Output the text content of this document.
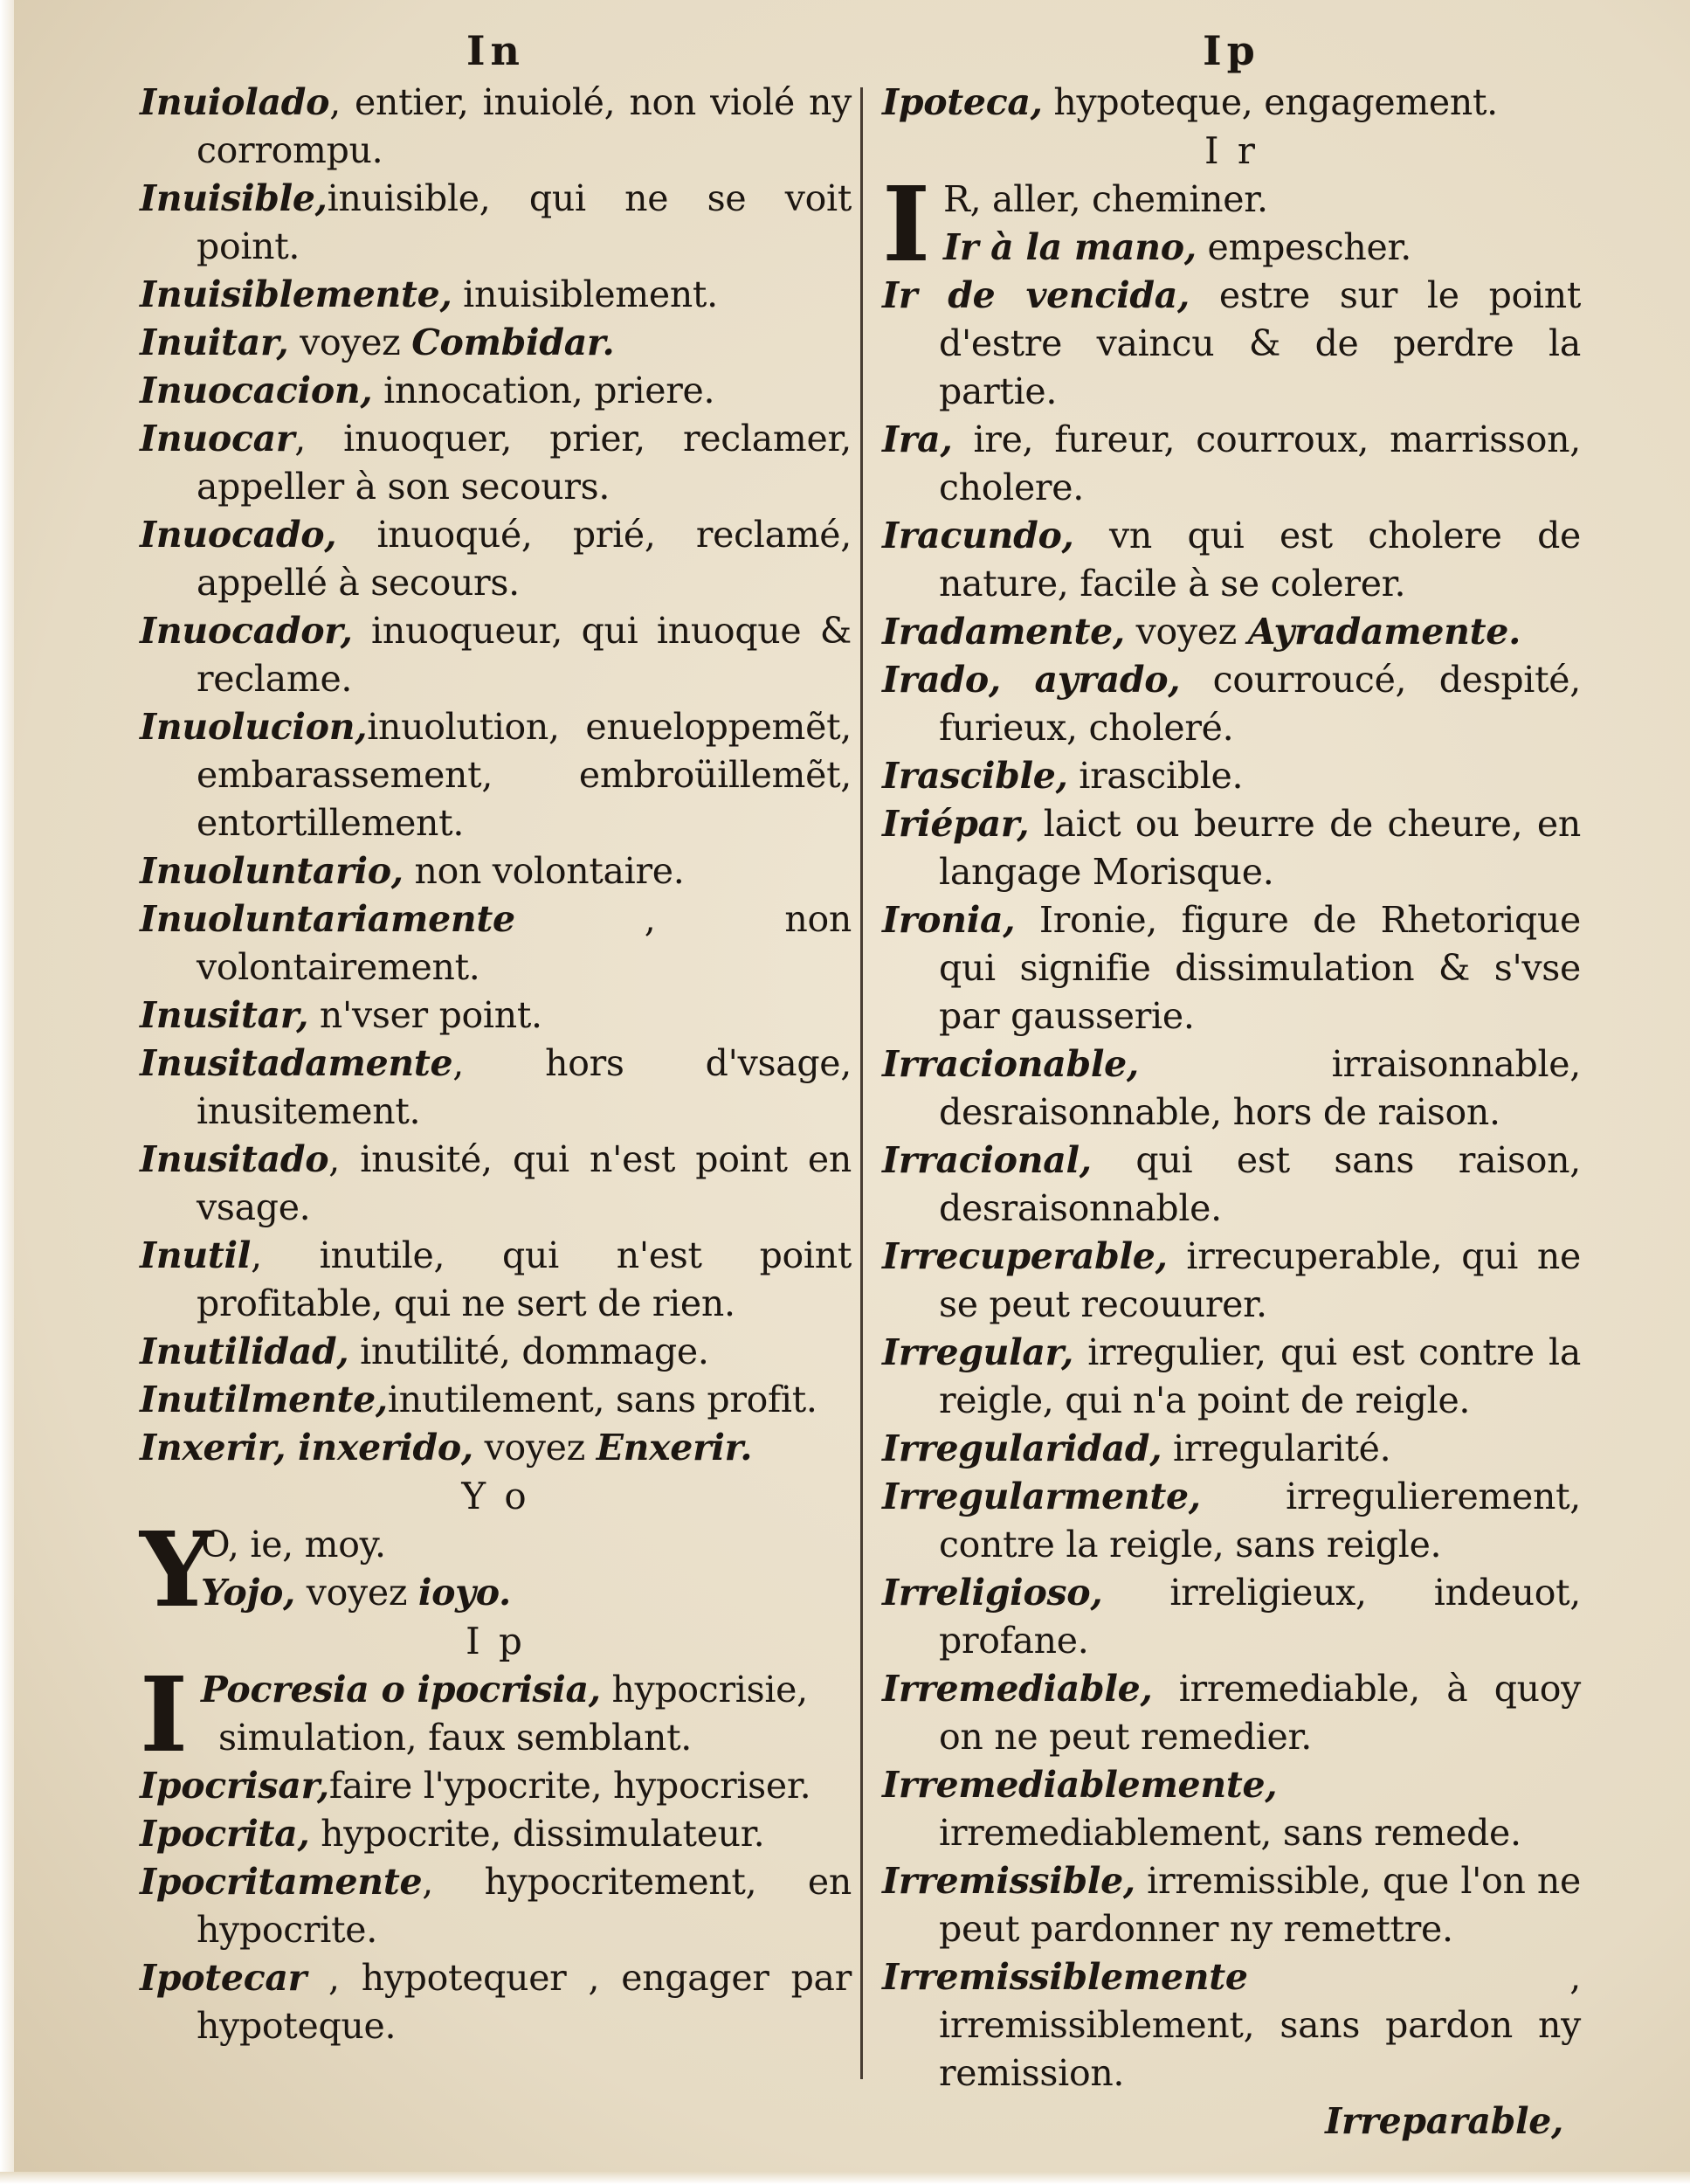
In

Inuiolado, entier, inuiolé, non violé ny corrompu.

Inuisible,inuisible, qui ne se voit point.

Inuisiblemente, inuisiblement.

Inuitar, voyez Combidar.

Inuocacion, innocation, priere.

Inuocar, inuoquer, prier, reclamer, appeller à son secours.

Inuocado, inuoqué, prié, reclamé, appellé à secours.

Inuocador, inuoqueur, qui inuoque & reclame.

Inuolucion,inuolution, enueloppemẽt, embarassement, embroüillemẽt, entortillement.

Inuoluntario, non volontaire.

Inuoluntariamente , non volontairement.

Inusitar, n'vser point.

Inusitadamente, hors d'vsage, inusitement.

Inusitado, inusité, qui n'est point en vsage.

Inutil, inutile, qui n'est point profitable, qui ne sert de rien.

Inutilidad, inutilité, dommage.

Inutilmente,inutilement, sans profit.

Inxerir, inxerido, voyez Enxerir.

Y o
Y
O, ie, moy.
Yojo, voyez ioyo.
I p
I Pocresia o ipocrisia, hypocrisie, simulation, faux semblant.

Ipocrisar,faire l'ypocrite, hypocriser.

Ipocrita, hypocrite, dissimulateur.

Ipocritamente, hypocritement, en hypocrite.

Ipotecar , hypotequer , engager par hypoteque.

Ip

Ipoteca, hypoteque, engagement.

I r
I R, aller, cheminer.
Ir à la mano, empescher.

Ir de vencida, estre sur le point d'estre vaincu & de perdre la partie.

Ira, ire, fureur, courroux, marrisson, cholere.

Iracundo, vn qui est cholere de nature, facile à se colerer.

Iradamente, voyez Ayradamente.

Irado, ayrado, courroucé, despité, furieux, choleré.

Irascible, irascible.

Iriépar, laict ou beurre de cheure, en langage Morisque.

Ironia, Ironie, figure de Rhetorique qui signifie dissimulation & s'vse par gausserie.

Irracionable, irraisonnable, desraisonnable, hors de raison.

Irracional, qui est sans raison, desraisonnable.

Irrecuperable, irrecuperable, qui ne se peut recouurer.

Irregular, irregulier, qui est contre la reigle, qui n'a point de reigle.

Irregularidad, irregularité.

Irregularmente, irregulierement, contre la reigle, sans reigle.

Irreligioso, irreligieux, indeuot, profane.

Irremediable, irremediable, à quoy on ne peut remedier.

Irremediablemente, irremediablement, sans remede.

Irremissible, irremissible, que l'on ne peut pardonner ny remettre.

Irremissiblemente , irremissiblement, sans pardon ny remission.

Irreparable,
